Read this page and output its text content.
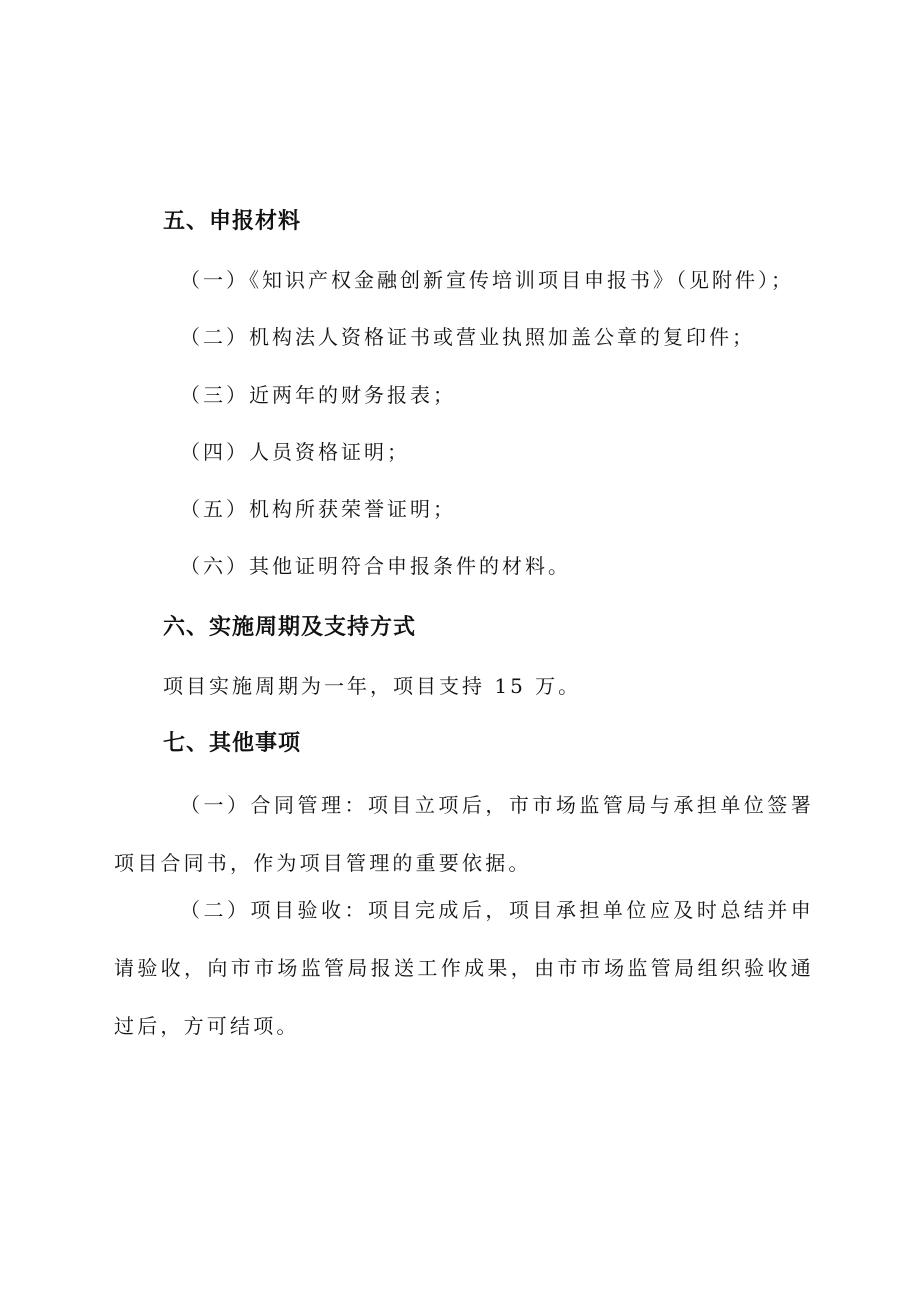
五、申报材料
（一）《知识产权金融创新宣传培训项目申报书》（见附件）；
（二）机构法人资格证书或营业执照加盖公章的复印件；
（三）近两年的财务报表；
（四）人员资格证明；
（五）机构所获荣誉证明；
（六）其他证明符合申报条件的材料。
六、实施周期及支持方式
项目实施周期为一年，项目支持 15 万。
七、其他事项
（一）合同管理：项目立项后，市市场监管局与承担单位签署项目合同书，作为项目管理的重要依据。
（二）项目验收：项目完成后，项目承担单位应及时总结并申请验收，向市市场监管局报送工作成果，由市市场监管局组织验收通过后，方可结项。
